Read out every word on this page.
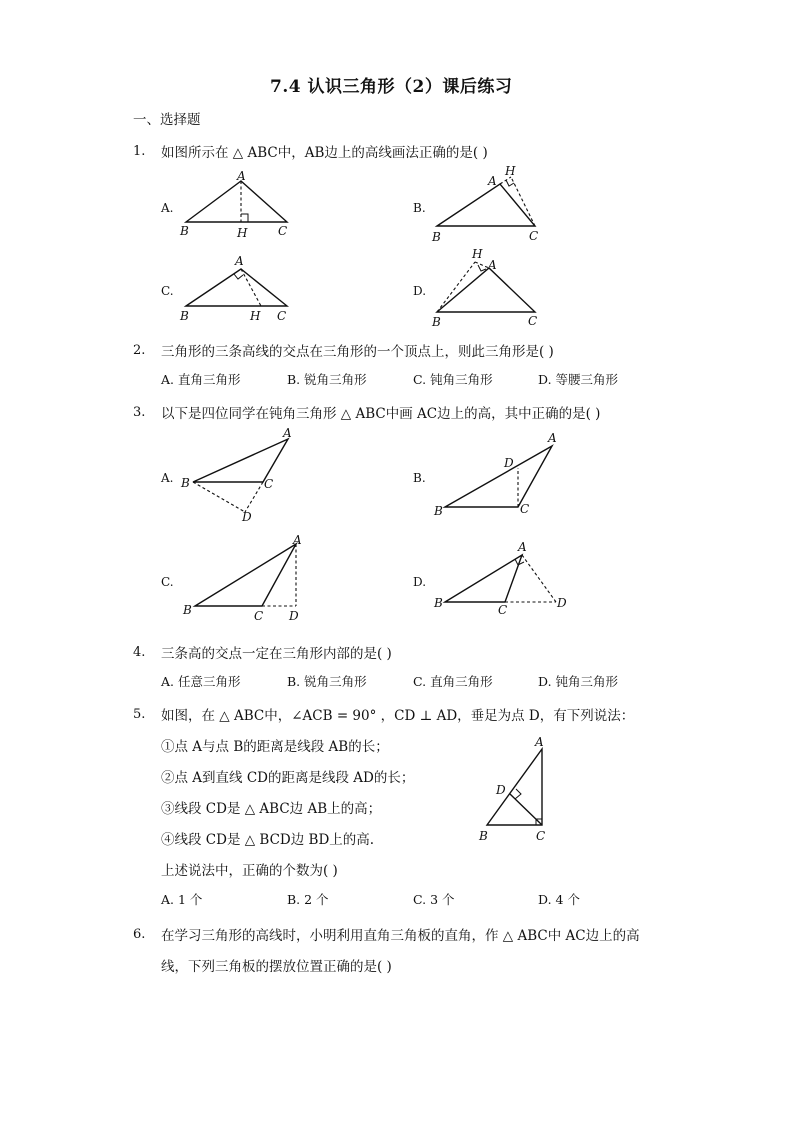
7.4 认识三角形（2）课后练习
一、选择题
1. 如图所示在 △ ABC中，AB边上的高线画法正确的是( )
A.
A
B	H	C
B.
A
H
B	C
C.
A
B	H C
D.
A
H
B	C
2. 三角形的三条高线的交点在三角形的一个顶点上，则此三角形是( )
A. 直角三角形	B. 锐角三角形	C. 钝角三角形	D. 等腰三角形
3. 以下是四位同学在钝角三角形 △ ABC中画 AC边上的高，其中正确的是( )
A.
A
B	C
D
B.
A
D
B	C
C.
A
B	C D
D.
A
B	C	D
4. 三条高的交点一定在三角形内部的是( )
A. 任意三角形	B. 锐角三角形	C. 直角三角形	D. 钝角三角形
5. 如图，在 △ ABC中，∠ACB = 90° ，CD ⊥ AD，垂足为点 D，有下列说法：
①点 A与点 B的距离是线段 AB的长；
②点 A到直线 CD的距离是线段 AD的长；
③线段 CD是 △ ABC边 AB上的高；
④线段 CD是 △ BCD边 BD上的高.
上述说法中，正确的个数为( )
A. 1 个	B. 2 个	C. 3 个	D. 4 个
A
D
B	C
6. 在学习三角形的高线时，小明利用直角三角板的直角，作 △ ABC中 AC边上的高
线，下列三角板的摆放位置正确的是( )
